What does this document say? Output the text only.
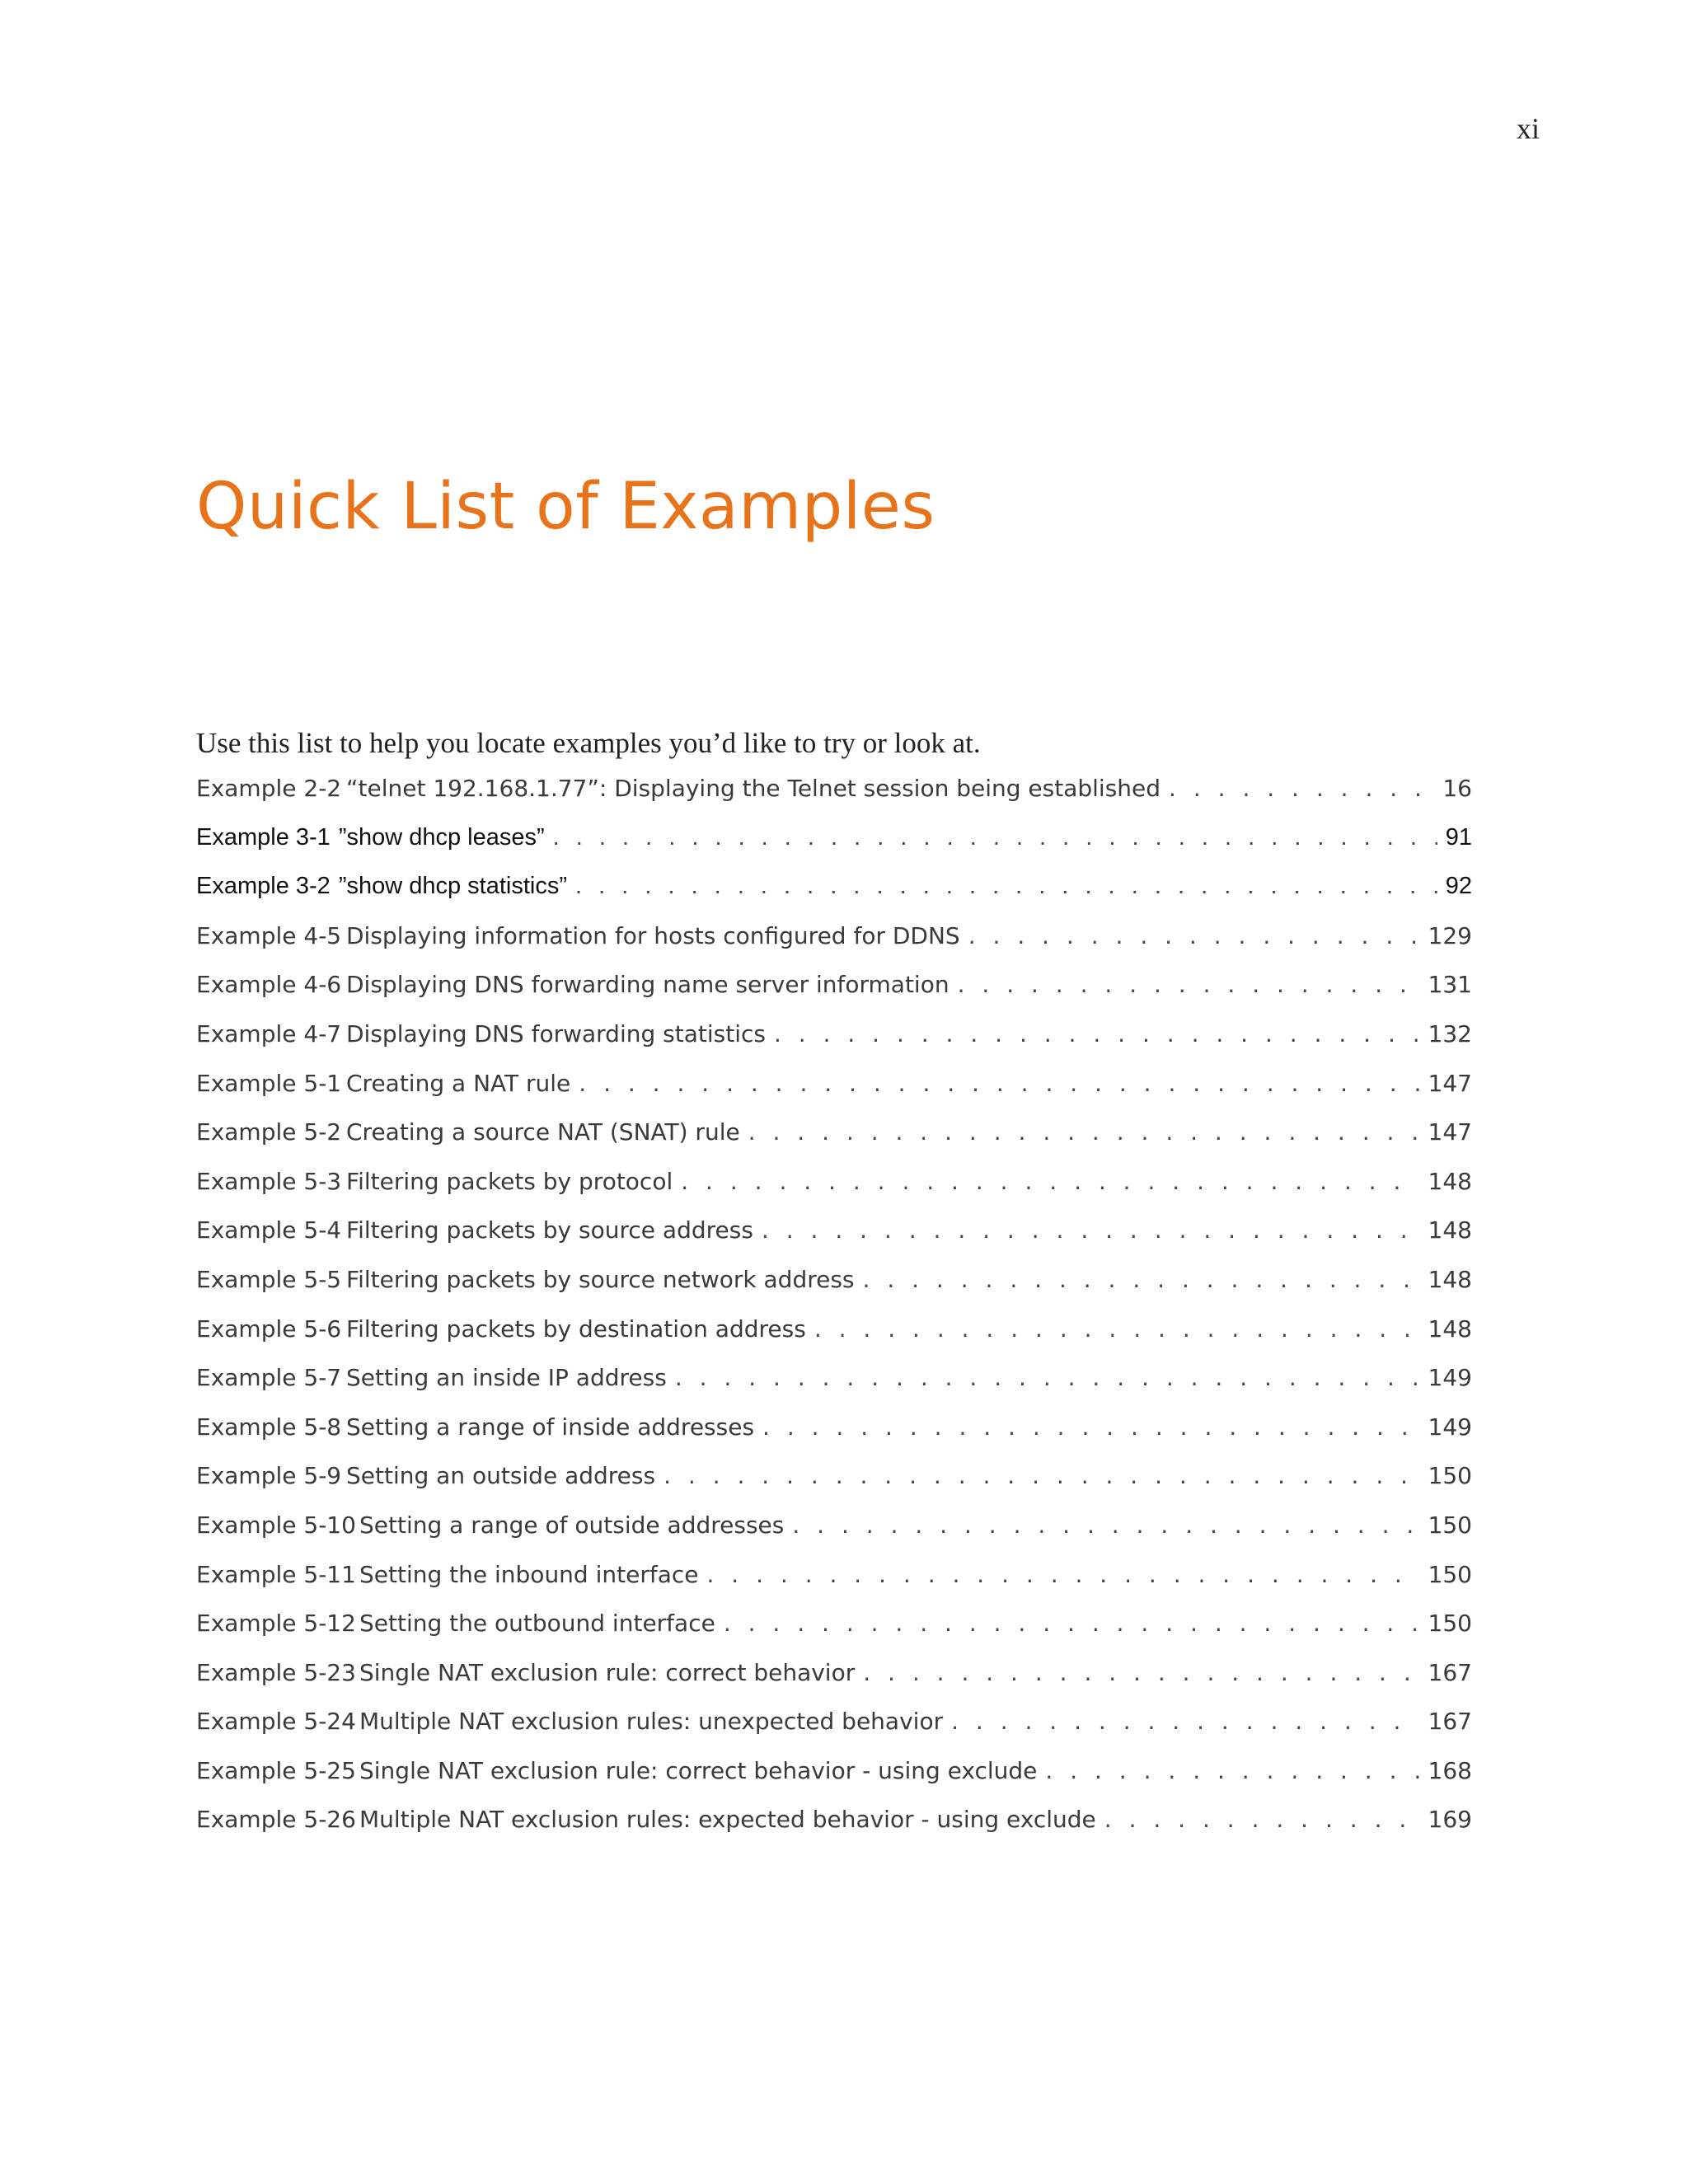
xi
Quick List of Examples

Use this list to help you locate examples you’d like to try or look at.

Example 2-2 “telnet 192.168.1.77”: Displaying the Telnet session being established . . .	16
Example 3-1 ”show dhcp leases” . . .	91
Example 3-2 ”show dhcp statistics” . . .	92
Example 4-5 Displaying information for hosts configured for DDNS . . .	129
Example 4-6 Displaying DNS forwarding name server information . . .	131
Example 4-7 Displaying DNS forwarding statistics . . .	132
Example 5-1 Creating a NAT rule . . .	147
Example 5-2 Creating a source NAT (SNAT) rule . . .	147
Example 5-3 Filtering packets by protocol . . .	148
Example 5-4 Filtering packets by source address . . .	148
Example 5-5 Filtering packets by source network address . . .	148
Example 5-6 Filtering packets by destination address . . .	148
Example 5-7 Setting an inside IP address . . .	149
Example 5-8 Setting a range of inside addresses . . .	149
Example 5-9 Setting an outside address . . .	150
Example 5-10 Setting a range of outside addresses . . .	150
Example 5-11 Setting the inbound interface . . .	150
Example 5-12 Setting the outbound interface . . .	150
Example 5-23 Single NAT exclusion rule: correct behavior . . .	167
Example 5-24 Multiple NAT exclusion rules: unexpected behavior . . .	167
Example 5-25 Single NAT exclusion rule: correct behavior - using exclude . . .	168
Example 5-26 Multiple NAT exclusion rules: expected behavior - using exclude . . .	169
